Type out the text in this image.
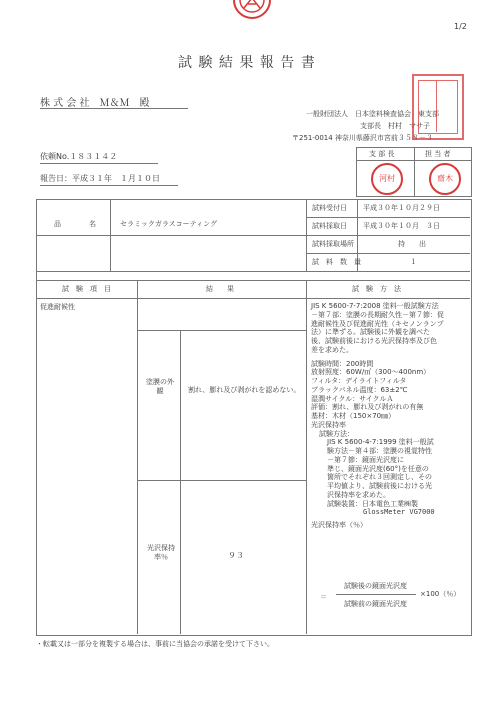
1/2
試 験 結 果 報 告 書
株 式 会 社　Ｍ＆Ｍ　殿
一般財団法人　日本塗料検査協会　東支部
支部長　村村　マサ子
〒251-0014 神奈川県藤沢市宮前３５８－３
依頼No.１８３１４２
報告日：平成３１年　１月１０日
支 部 長	担 当 者
河村	齋木
品　　　　名	セラミックガラスコーティング
試料受付日 平成３０年１０月２９日
試料採取日 平成３０年１０月　３日
試料採取場所	持　　出
試　料　数　量	１
試　験　項　目	結　　果	試　験　方　法
促進耐候性
塗膜の外観	割れ、膨れ及び剥がれを認めない。
光沢保持率％	９３
JIS K 5600-7-7:2008 塗料一般試験方法
－第７部：塗膜の長期耐久性－第７節：促
進耐候性及び促進耐光性（キセノンランプ
法）に準ずる。試験後に外観を調べた
後、試験前後における光沢保持率及び色
差を求めた。
試験時間：200時間
放射照度：60W/㎡（300～400nm）
フィルタ：デイライトフィルタ
ブラックパネル温度：63±2℃
湿潤サイクル：サイクルＡ
評価：割れ、膨れ及び剥がれの有無
基材：木材（150×70㎜）
光沢保持率
試験方法：
JIS K 5600-4-7:1999 塗料一般試
験方法－第４部：塗膜の視覚特性
－第７節：鏡面光沢度に
準じ、鏡面光沢度(60°)を任意の
箇所でそれぞれ３回測定し、その
平均値より、試験前後における光
沢保持率を求めた。
試験装置：日本電色工業㈱製
GlossMeter VG7000
光沢保持率（％）
＝
試験後の鏡面光沢度
試験前の鏡面光沢度
×100（％）
・転載又は一部分を複製する場合は、事前に当協会の承諾を受けて下さい。
